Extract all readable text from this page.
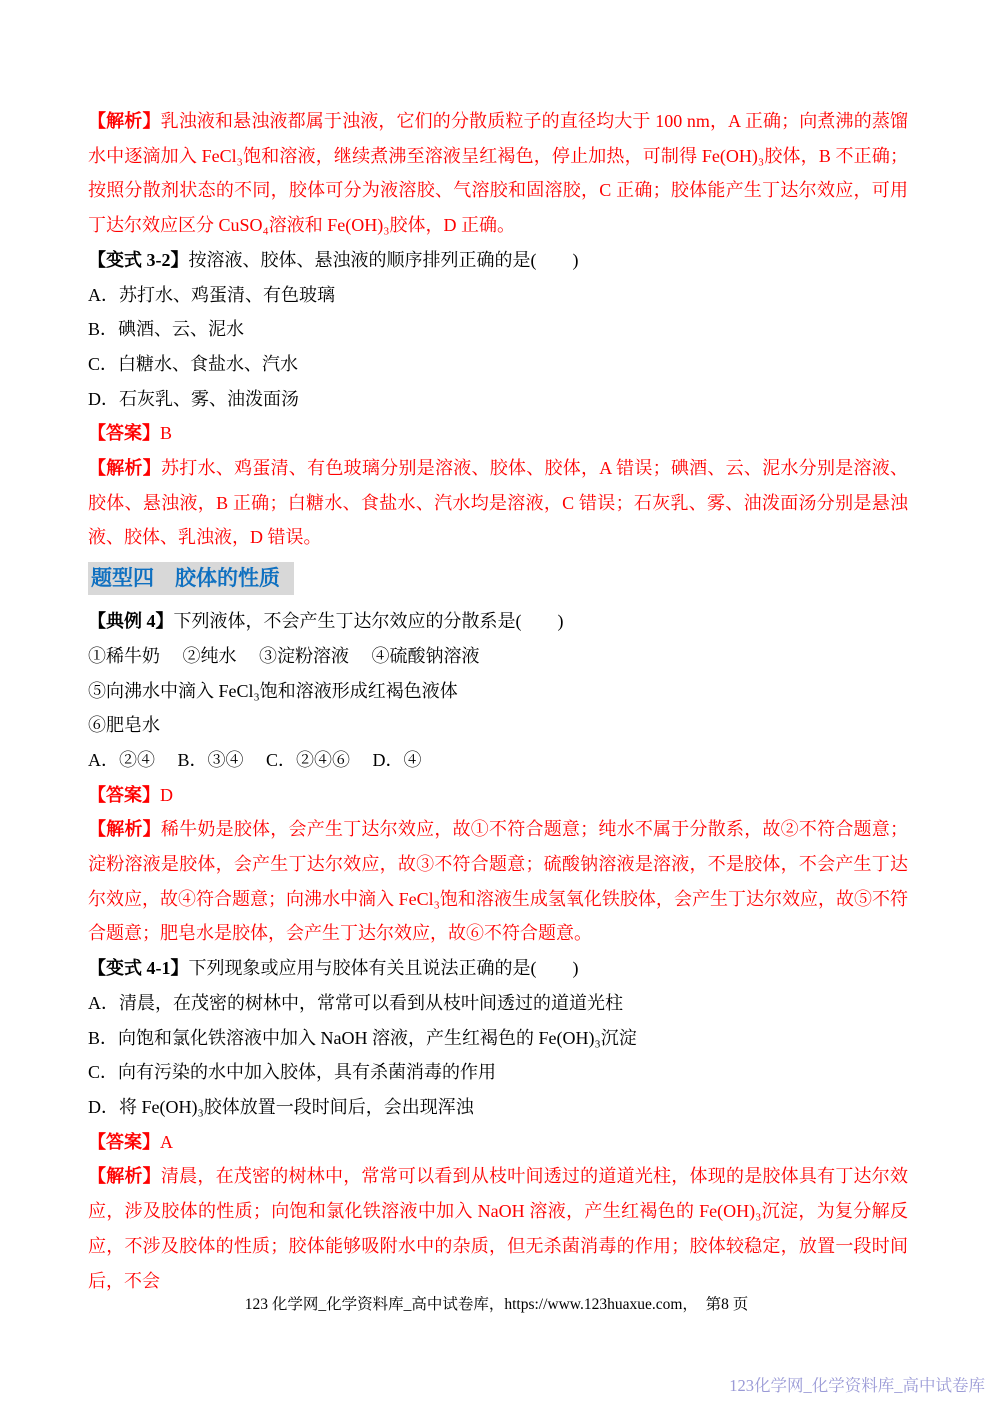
【解析】乳浊液和悬浊液都属于浊液，它们的分散质粒子的直径均大于 100 nm，A 正确；向煮沸的蒸馏水中逐滴加入 FeCl₃饱和溶液，继续煮沸至溶液呈红褐色，停止加热，可制得 Fe(OH)₃胶体，B 不正确；按照分散剂状态的不同，胶体可分为液溶胶、气溶胶和固溶胶，C 正确；胶体能产生丁达尔效应，可用丁达尔效应区分 CuSO₄溶液和 Fe(OH)₃胶体，D 正确。

【变式 3-2】按溶液、胶体、悬浊液的顺序排列正确的是(　　)

A．苏打水、鸡蛋清、有色玻璃

B．碘酒、云、泥水

C．白糖水、食盐水、汽水

D．石灰乳、雾、油泼面汤

【答案】B

【解析】苏打水、鸡蛋清、有色玻璃分别是溶液、胶体、胶体，A 错误；碘酒、云、泥水分别是溶液、胶体、悬浊液，B 正确；白糖水、食盐水、汽水均是溶液，C 错误；石灰乳、雾、油泼面汤分别是悬浊液、胶体、乳浊液，D 错误。

题型四　胶体的性质

【典例 4】下列液体，不会产生丁达尔效应的分散系是(　　)

①稀牛奶　 ②纯水　 ③淀粉溶液　 ④硫酸钠溶液

⑤向沸水中滴入 FeCl₃饱和溶液形成红褐色液体

⑥肥皂水

A．②④　 B．③④　 C．②④⑥　 D．④

【答案】D

【解析】稀牛奶是胶体，会产生丁达尔效应，故①不符合题意；纯水不属于分散系，故②不符合题意；淀粉溶液是胶体，会产生丁达尔效应，故③不符合题意；硫酸钠溶液是溶液，不是胶体，不会产生丁达尔效应，故④符合题意；向沸水中滴入 FeCl₃饱和溶液生成氢氧化铁胶体，会产生丁达尔效应，故⑤不符合题意；肥皂水是胶体，会产生丁达尔效应，故⑥不符合题意。

【变式 4-1】下列现象或应用与胶体有关且说法正确的是(　　)

A．清晨，在茂密的树林中，常常可以看到从枝叶间透过的道道光柱

B．向饱和氯化铁溶液中加入 NaOH 溶液，产生红褐色的 Fe(OH)₃沉淀

C．向有污染的水中加入胶体，具有杀菌消毒的作用

D．将 Fe(OH)₃胶体放置一段时间后，会出现浑浊

【答案】A

【解析】清晨，在茂密的树林中，常常可以看到从枝叶间透过的道道光柱，体现的是胶体具有丁达尔效应，涉及胶体的性质；向饱和氯化铁溶液中加入 NaOH 溶液，产生红褐色的 Fe(OH)₃沉淀，为复分解反应，不涉及胶体的性质；胶体能够吸附水中的杂质，但无杀菌消毒的作用；胶体较稳定，放置一段时间后，不会

123 化学网_化学资料库_高中试卷库，https://www.123huaxue.com，　第8 页
123化学网_化学资料库_高中试卷库
